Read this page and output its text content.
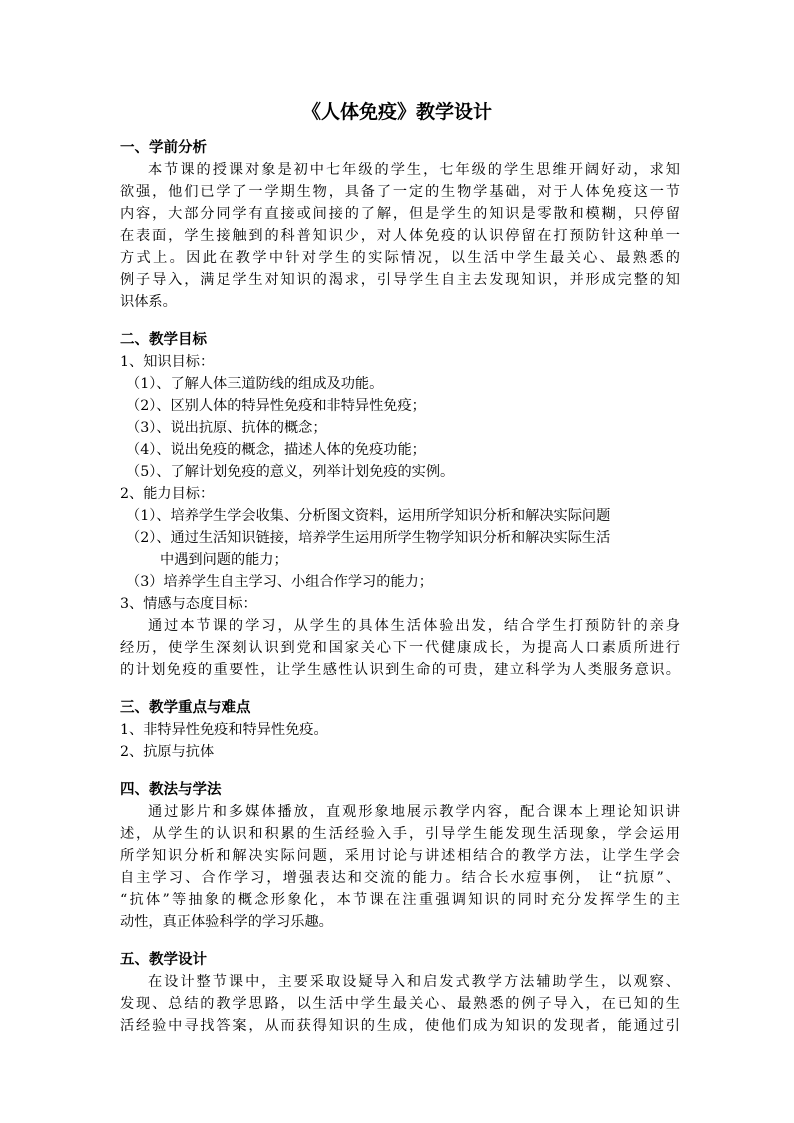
《人体免疫》教学设计
一、学前分析
本节课的授课对象是初中七年级的学生，七年级的学生思维开阔好动，求知
欲强，他们已学了一学期生物，具备了一定的生物学基础，对于人体免疫这一节
内容，大部分同学有直接或间接的了解，但是学生的知识是零散和模糊，只停留
在表面，学生接触到的科普知识少，对人体免疫的认识停留在打预防针这种单一
方式上。因此在教学中针对学生的实际情况，以生活中学生最关心、最熟悉的
例子导入，满足学生对知识的渴求，引导学生自主去发现知识，并形成完整的知
识体系。
二、教学目标
1、知识目标：
（1）、了解人体三道防线的组成及功能。
（2）、区别人体的特异性免疫和非特异性免疫；
（3）、说出抗原、抗体的概念；
（4）、说出免疫的概念，描述人体的免疫功能；
（5）、了解计划免疫的意义，列举计划免疫的实例。
2、能力目标：
（1）、培养学生学会收集、分析图文资料，运用所学知识分析和解决实际问题
（2）、通过生活知识链接，培养学生运用所学生物学知识分析和解决实际生活
中遇到问题的能力；
（3）培养学生自主学习、小组合作学习的能力；
3、情感与态度目标：
通过本节课的学习，从学生的具体生活体验出发，结合学生打预防针的亲身
经历，使学生深刻认识到党和国家关心下一代健康成长，为提高人口素质所进行
的计划免疫的重要性，让学生感性认识到生命的可贵，建立科学为人类服务意识。
三、教学重点与难点
1、非特异性免疫和特异性免疫。
2、抗原与抗体
四、教法与学法
通过影片和多媒体播放，直观形象地展示教学内容，配合课本上理论知识讲
述，从学生的认识和积累的生活经验入手，引导学生能发现生活现象，学会运用
所学知识分析和解决实际问题，采用讨论与讲述相结合的教学方法，让学生学会
自主学习、合作学习，增强表达和交流的能力。结合长水痘事例， 让“抗原”、
“抗体”等抽象的概念形象化，本节课在注重强调知识的同时充分发挥学生的主
动性，真正体验科学的学习乐趣。
五、教学设计
在设计整节课中，主要采取设疑导入和启发式教学方法辅助学生，以观察、
发现、总结的教学思路，以生活中学生最关心、最熟悉的例子导入，在已知的生
活经验中寻找答案，从而获得知识的生成，使他们成为知识的发现者，能通过引
